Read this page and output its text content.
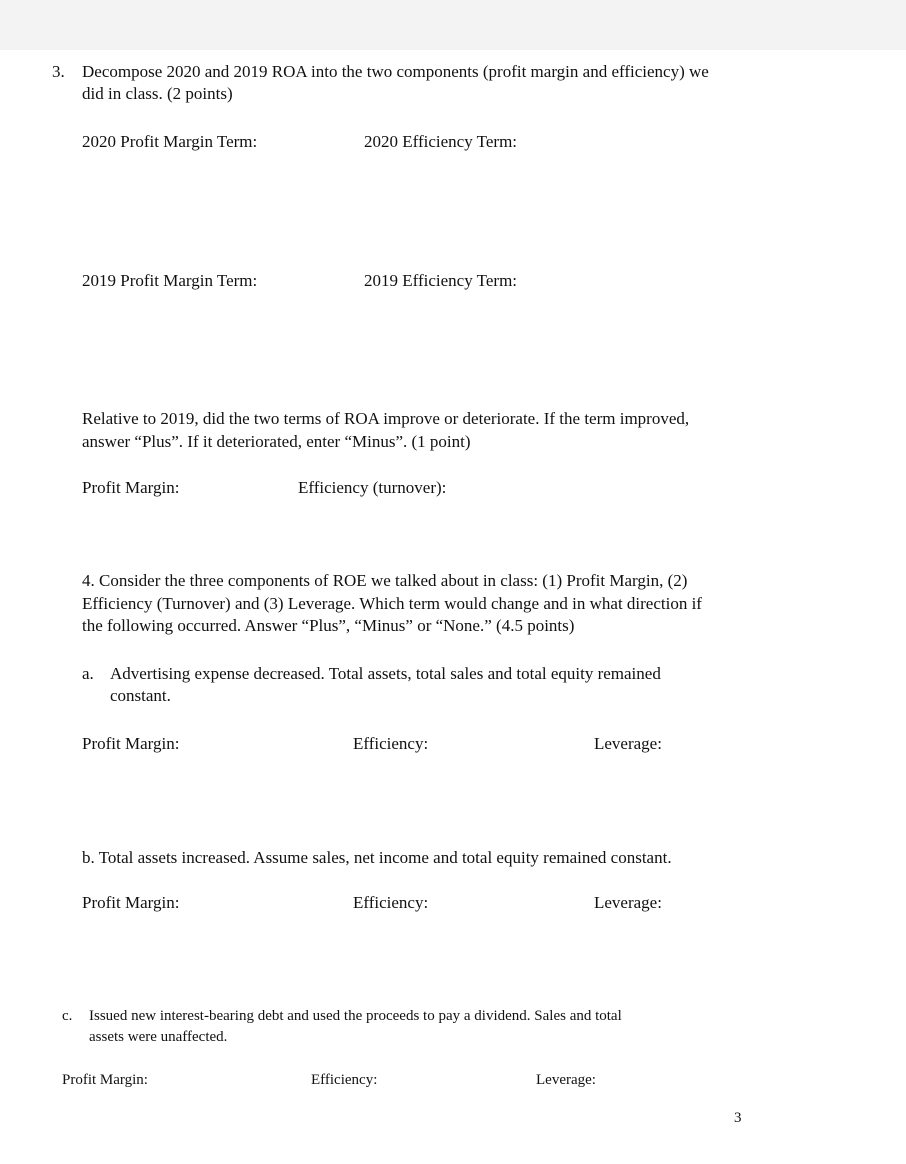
3. Decompose 2020 and 2019 ROA into the two components (profit margin and efficiency) we
did in class. (2 points)
2020 Profit Margin Term:	2020 Efficiency Term:
2019 Profit Margin Term:	2019 Efficiency Term:
Relative to 2019, did the two terms of ROA improve or deteriorate. If the term improved,
answer “Plus”. If it deteriorated, enter “Minus”. (1 point)
Profit Margin:	Efficiency (turnover):
4. Consider the three components of ROE we talked about in class: (1) Profit Margin, (2)
Efficiency (Turnover) and (3) Leverage. Which term would change and in what direction if
the following occurred. Answer “Plus”, “Minus” or “None.” (4.5 points)
a. Advertising expense decreased. Total assets, total sales and total equity remained
constant.
Profit Margin:	Efficiency:	Leverage:
b. Total assets increased. Assume sales, net income and total equity remained constant.
Profit Margin:	Efficiency:	Leverage:
c. Issued new interest-bearing debt and used the proceeds to pay a dividend. Sales and total
assets were unaffected.
Profit Margin:	Efficiency:	Leverage:
3
